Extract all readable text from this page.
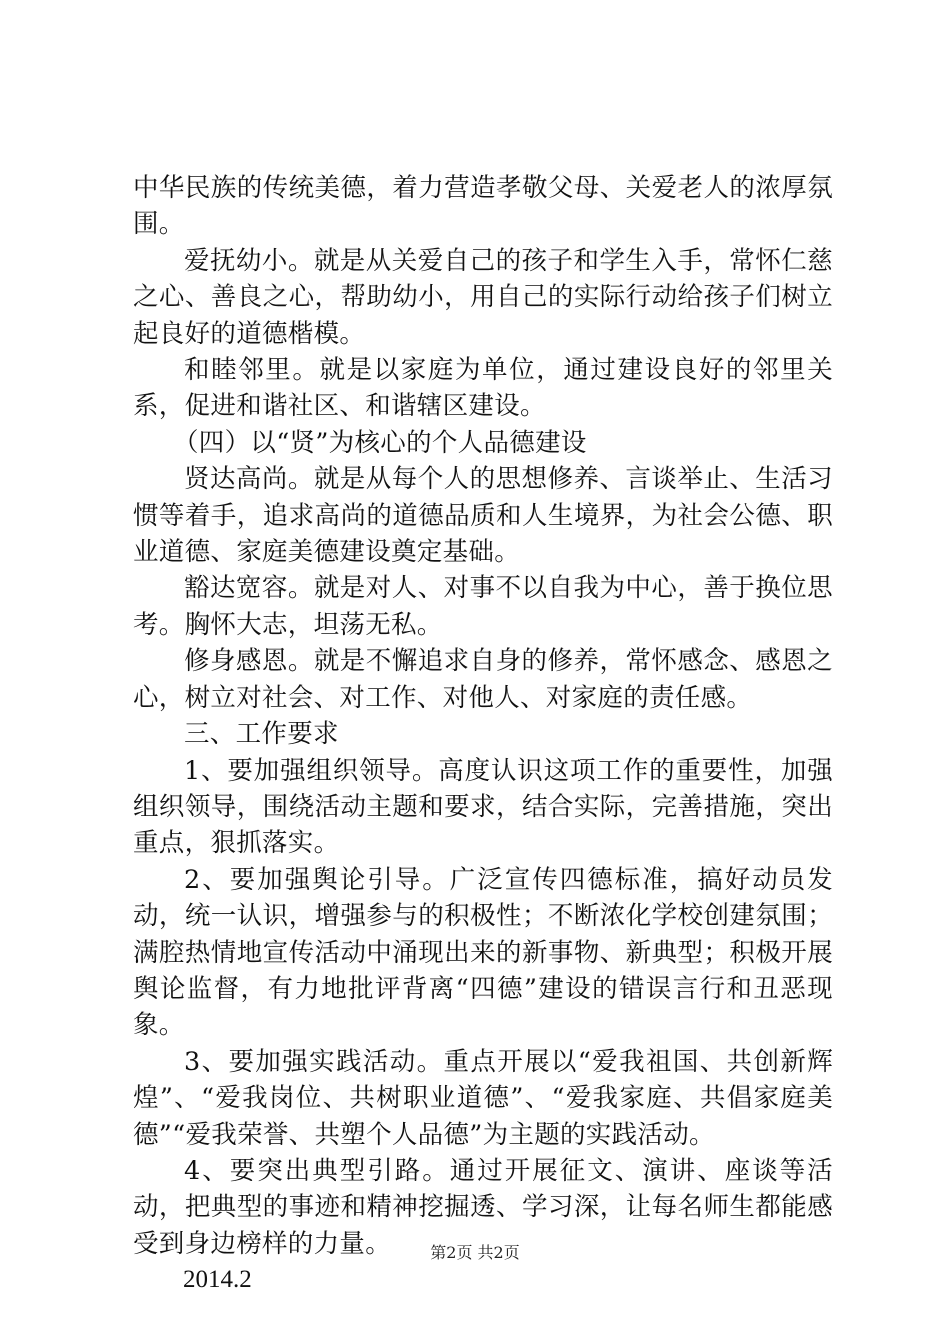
中华民族的传统美德，着力营造孝敬父母、关爱老人的浓厚氛围。

爱抚幼小。就是从关爱自己的孩子和学生入手，常怀仁慈之心、善良之心，帮助幼小，用自己的实际行动给孩子们树立起良好的道德楷模。

和睦邻里。就是以家庭为单位，通过建设良好的邻里关系，促进和谐社区、和谐辖区建设。

（四）以“贤”为核心的个人品德建设

贤达高尚。就是从每个人的思想修养、言谈举止、生活习惯等着手，追求高尚的道德品质和人生境界，为社会公德、职业道德、家庭美德建设奠定基础。

豁达宽容。就是对人、对事不以自我为中心，善于换位思考。胸怀大志，坦荡无私。

修身感恩。就是不懈追求自身的修养，常怀感念、感恩之心，树立对社会、对工作、对他人、对家庭的责任感。

三、工作要求

1、要加强组织领导。高度认识这项工作的重要性，加强组织领导，围绕活动主题和要求，结合实际，完善措施，突出重点，狠抓落实。

2、要加强舆论引导。广泛宣传四德标准，搞好动员发动，统一认识，增强参与的积极性；不断浓化学校创建氛围；满腔热情地宣传活动中涌现出来的新事物、新典型；积极开展舆论监督，有力地批评背离“四德”建设的错误言行和丑恶现象。

3、要加强实践活动。重点开展以“爱我祖国、共创新辉煌”、“爱我岗位、共树职业道德”、“爱我家庭、共倡家庭美德”“爱我荣誉、共塑个人品德”为主题的实践活动。

4、要突出典型引路。通过开展征文、演讲、座谈等活动，把典型的事迹和精神挖掘透、学习深，让每名师生都能感受到身边榜样的力量。

2014.2

第2页 共2页
